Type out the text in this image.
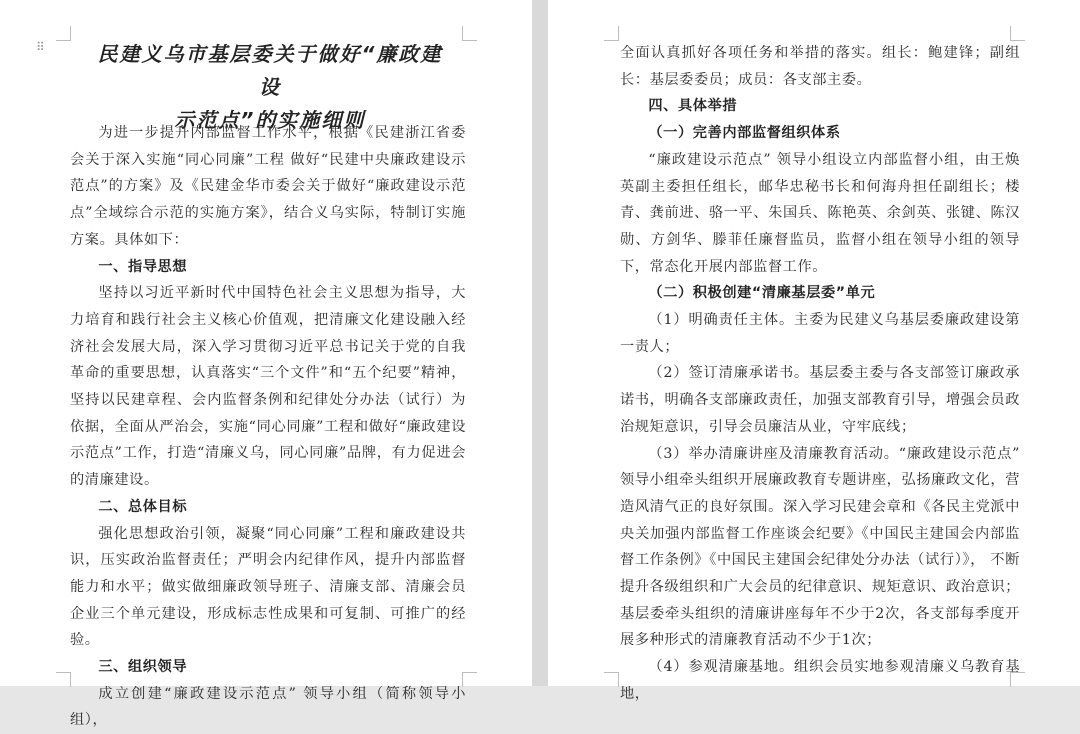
⠿	民建义乌市基层委关于做好“廉政建设
示范点”的实施细则

为进一步提升内部监督工作水平，根据《民建浙江省委会关于深入实施“同心同廉”工程 做好“民建中央廉政建设示范点”的方案》及《民建金华市委会关于做好“廉政建设示范点”全域综合示范的实施方案》，结合义乌实际，特制订实施方案。具体如下：

一、指导思想

坚持以习近平新时代中国特色社会主义思想为指导，大力培育和践行社会主义核心价值观，把清廉文化建设融入经济社会发展大局，深入学习贯彻习近平总书记关于党的自我革命的重要思想，认真落实“三个文件”和“五个纪要”精神，坚持以民建章程、会内监督条例和纪律处分办法（试行）为依据，全面从严治会，实施“同心同廉”工程和做好“廉政建设示范点”工作，打造“清廉义乌，同心同廉”品牌，有力促进会的清廉建设。

二、总体目标

强化思想政治引领，凝聚“同心同廉”工程和廉政建设共识，压实政治监督责任；严明会内纪律作风，提升内部监督能力和水平；做实做细廉政领导班子、清廉支部、清廉会员企业三个单元建设，形成标志性成果和可复制、可推广的经验。

三、组织领导

成立创建“廉政建设示范点” 领导小组（简称领导小组），

全面认真抓好各项任务和举措的落实。组长：鲍建锋；副组长：基层委委员；成员：各支部主委。

四、具体举措

（一）完善内部监督组织体系

“廉政建设示范点” 领导小组设立内部监督小组，由王焕英副主委担任组长，邮华忠秘书长和何海舟担任副组长；楼青、龚前进、骆一平、朱国兵、陈艳英、余剑英、张键、陈汉勋、方剑华、滕菲任廉督监员，监督小组在领导小组的领导下，常态化开展内部监督工作。

（二）积极创建“清廉基层委”单元

（1）明确责任主体。主委为民建义乌基层委廉政建设第一责人；

（2）签订清廉承诺书。基层委主委与各支部签订廉政承诺书，明确各支部廉政责任，加强支部教育引导，增强会员政治规矩意识，引导会员廉洁从业，守牢底线；

（3）举办清廉讲座及清廉教育活动。“廉政建设示范点” 领导小组牵头组织开展廉政教育专题讲座，弘扬廉政文化，营造风清气正的良好氛围。深入学习民建会章和《各民主党派中央关加强内部监督工作座谈会纪要》《中国民主建国会内部监督工作条例》《中国民主建国会纪律处分办法（试行）》， 不断提升各级组织和广大会员的纪律意识、规矩意识、政治意识；基层委牵头组织的清廉讲座每年不少于2次，各支部每季度开展多种形式的清廉教育活动不少于1次；

（4）参观清廉基地。组织会员实地参观清廉义乌教育基地，
